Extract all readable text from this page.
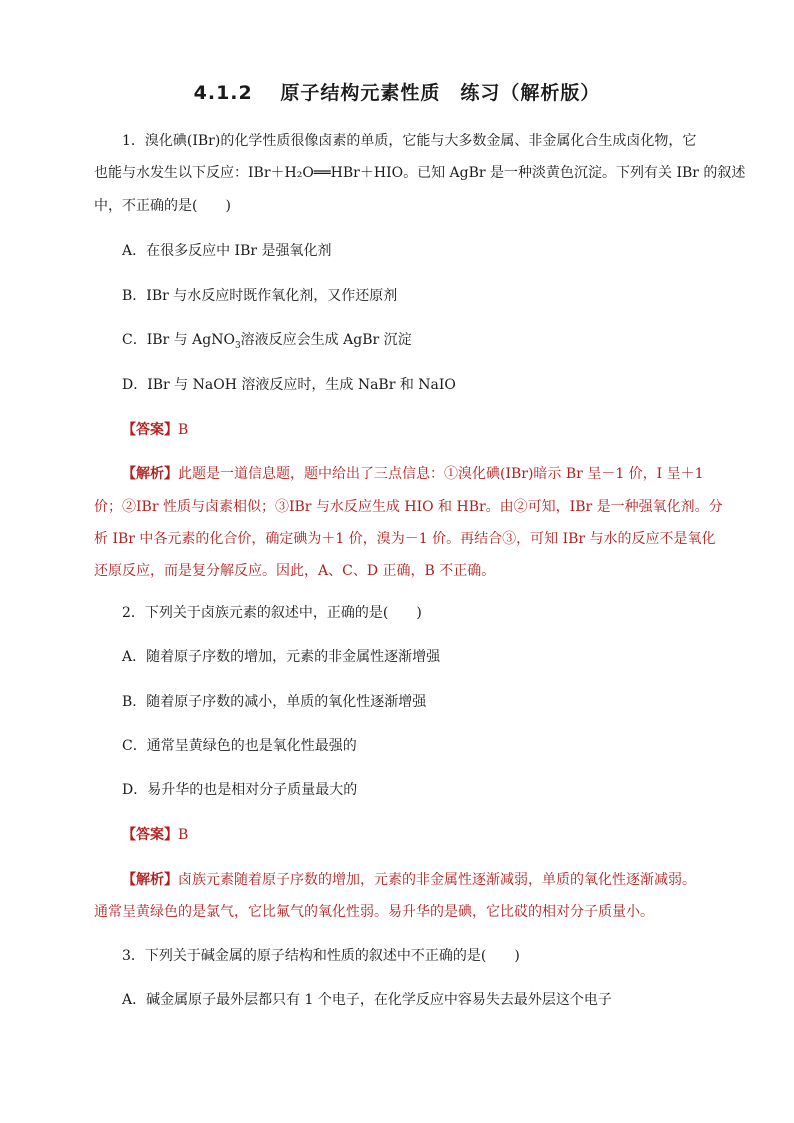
4.1.2　 原子结构元素性质　练习（解析版）
1．溴化碘(IBr)的化学性质很像卤素的单质，它能与大多数金属、非金属化合生成卤化物，它
也能与水发生以下反应：IBr＋H₂O══HBr＋HIO。已知 AgBr 是一种淡黄色沉淀。下列有关 IBr 的叙述
中，不正确的是(　　)
A．在很多反应中 IBr 是强氧化剂
B．IBr 与水反应时既作氧化剂，又作还原剂
C．IBr 与 AgNO$_3$溶液反应会生成 AgBr 沉淀
D．IBr 与 NaOH 溶液反应时，生成 NaBr 和 NaIO
【答案】B
【解析】此题是一道信息题，题中给出了三点信息：①溴化碘(IBr)暗示 Br 呈－1 价，I 呈＋1
价；②IBr 性质与卤素相似；③IBr 与水反应生成 HIO 和 HBr。由②可知，IBr 是一种强氧化剂。分
析 IBr 中各元素的化合价，确定碘为＋1 价，溴为－1 价。再结合③，可知 IBr 与水的反应不是氧化
还原反应，而是复分解反应。因此，A、C、D 正确，B 不正确。
2．下列关于卤族元素的叙述中，正确的是(　　)
A．随着原子序数的增加，元素的非金属性逐渐增强
B．随着原子序数的减小，单质的氧化性逐渐增强
C．通常呈黄绿色的也是氧化性最强的
D．易升华的也是相对分子质量最大的
【答案】B
【解析】卤族元素随着原子序数的增加，元素的非金属性逐渐减弱，单质的氧化性逐渐减弱。
通常呈黄绿色的是氯气，它比氟气的氧化性弱。易升华的是碘，它比砹的相对分子质量小。
3．下列关于碱金属的原子结构和性质的叙述中不正确的是(　　)
A．碱金属原子最外层都只有 1 个电子，在化学反应中容易失去最外层这个电子
